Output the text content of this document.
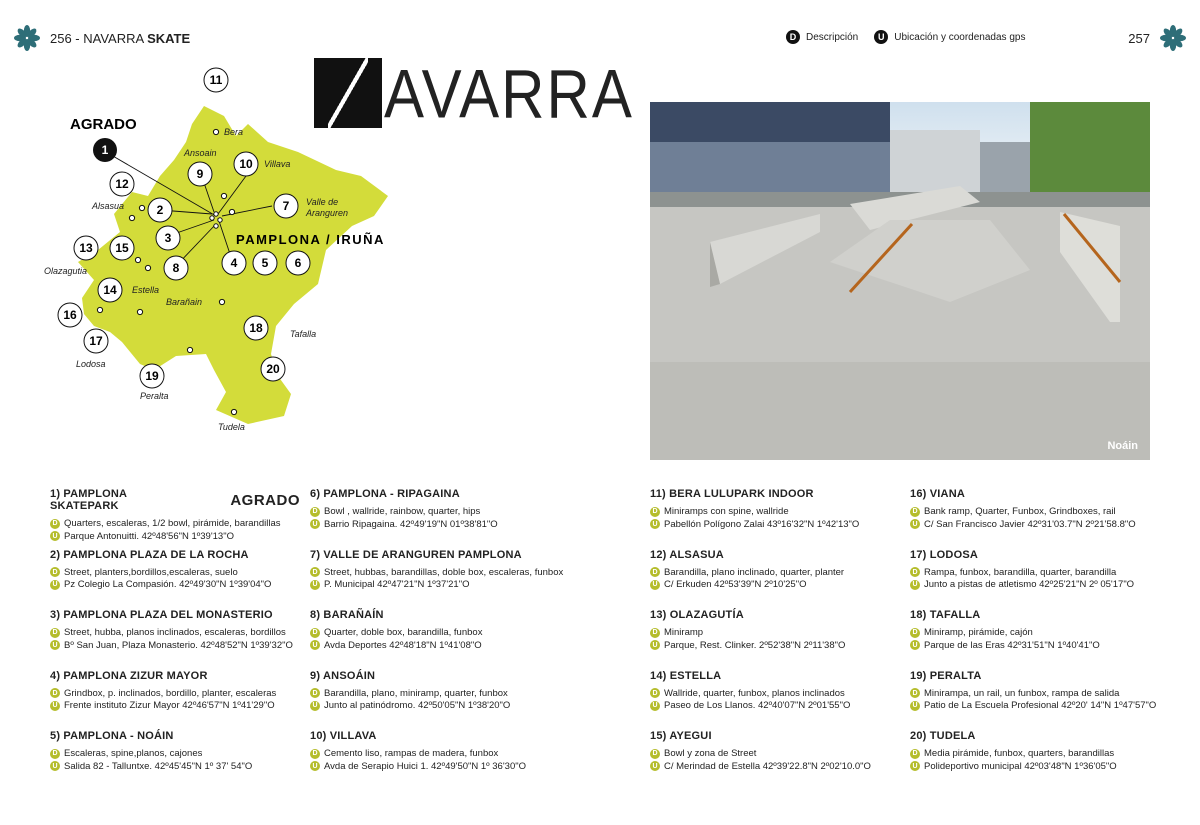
256 - NAVARRA SKATE	D Descripción	U Ubicación y coordenadas gps	257
AVARRA
1
11
9
10
12
2	7
3
13 15
4 5 6
8
14
16
17
18
19	20
Bera
Ansoain
Villava
Valle de
Aranguren
Alsasua
Olazagutia
Estella
Barañain
Tafalla
Lodosa
Peralta
Tudela
AGRADO
PAMPLONA / IRUÑA
Noáin
1) PAMPLONA SKATEPARK	AGRADO
D Quarters, escaleras, 1/2 bowl, pirámide, barandillas
U Parque Antonuitti. 42º48'56"N 1º39'13"O
2) PAMPLONA PLAZA DE LA ROCHA
D Street, planters,bordillos,escaleras, suelo
U Pz Colegio La Compasión. 42º49'30"N 1º39'04"O
3) PAMPLONA PLAZA DEL MONASTERIO
D Street, hubba, planos inclinados, escaleras, bordillos
U Bº San Juan, Plaza Monasterio. 42º48'52"N 1º39'32"O
4) PAMPLONA ZIZUR MAYOR
D Grindbox, p. inclinados, bordillo, planter, escaleras
U Frente instituto Zizur Mayor 42º46'57"N 1º41'29"O
5) PAMPLONA - NOÁIN
D Escaleras, spine,planos, cajones
U Salida 82 - Talluntxe. 42º45'45"N 1º 37' 54"O
6) PAMPLONA - RIPAGAINA
D Bowl , wallride, rainbow, quarter, hips
U Barrio Ripagaina. 42º49'19"N 01º38'81"O
7) VALLE DE ARANGUREN PAMPLONA
D Street, hubbas, barandillas, doble box, escaleras, funbox
U P. Municipal 42º47'21"N 1º37'21"O
8) BARAÑAÍN
D Quarter, doble box, barandilla, funbox
U Avda Deportes 42º48'18"N 1º41'08"O
9) ANSOÁIN
D Barandilla, plano, miniramp, quarter, funbox
U Junto al patinódromo. 42º50'05"N 1º38'20"O
10) VILLAVA
D Cemento liso, rampas de madera, funbox
U Avda de Serapio Huici 1. 42º49'50"N 1º 36'30"O
11) BERA LULUPARK INDOOR
D Miniramps con spine, wallride
U Pabellón Polígono Zalai 43º16'32"N 1º42'13"O
12) ALSASUA
D Barandilla, plano inclinado, quarter, planter
U C/ Erkuden 42º53'39"N 2º10'25"O
13) OLAZAGUTÍA
D Miniramp
U Parque, Rest. Clinker. 2º52'38"N 2º11'38"O
14) ESTELLA
D Wallride, quarter, funbox, planos inclinados
U Paseo de Los Llanos. 42º40'07"N 2º01'55"O
15) AYEGUI
D Bowl y zona de Street
U C/ Merindad de Estella 42º39'22.8"N 2º02'10.0"O
16) VIANA
D Bank ramp, Quarter, Funbox, Grindboxes, rail
U C/ San Francisco Javier 42º31'03.7"N 2º21'58.8"O
17) LODOSA
D Rampa, funbox, barandilla, quarter, barandilla
U Junto a pistas de atletismo 42º25'21"N 2º 05'17"O
18) TAFALLA
D Miniramp, pirámide, cajón
U Parque de las Eras 42º31'51"N 1º40'41"O
19) PERALTA
D Minirampa, un rail, un funbox, rampa de salida
U Patio de La Escuela Profesional 42º20' 14"N 1º47'57"O
20) TUDELA
D Media pirámide, funbox, quarters, barandillas
U Polideportivo municipal 42º03'48"N 1º36'05"O
